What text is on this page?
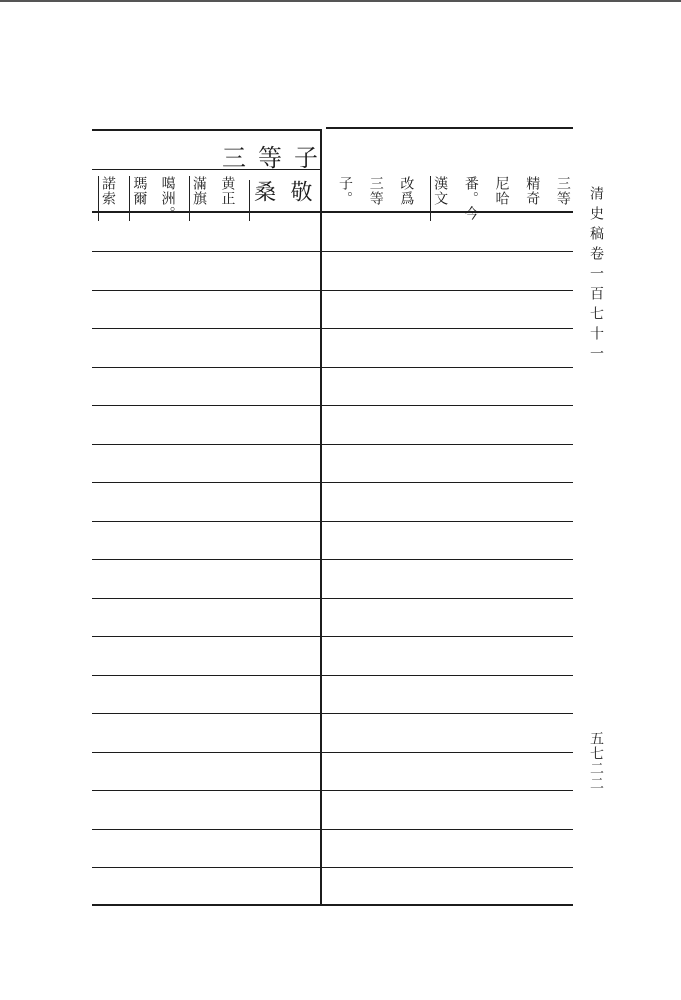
三等子
敬
桑
黄正
滿旗
噶洲。
瑪爾
諾索	三等
精奇
尼哈
番。今
漢文
改爲
三等
子。	清史稿卷一百七十一
五七二二
